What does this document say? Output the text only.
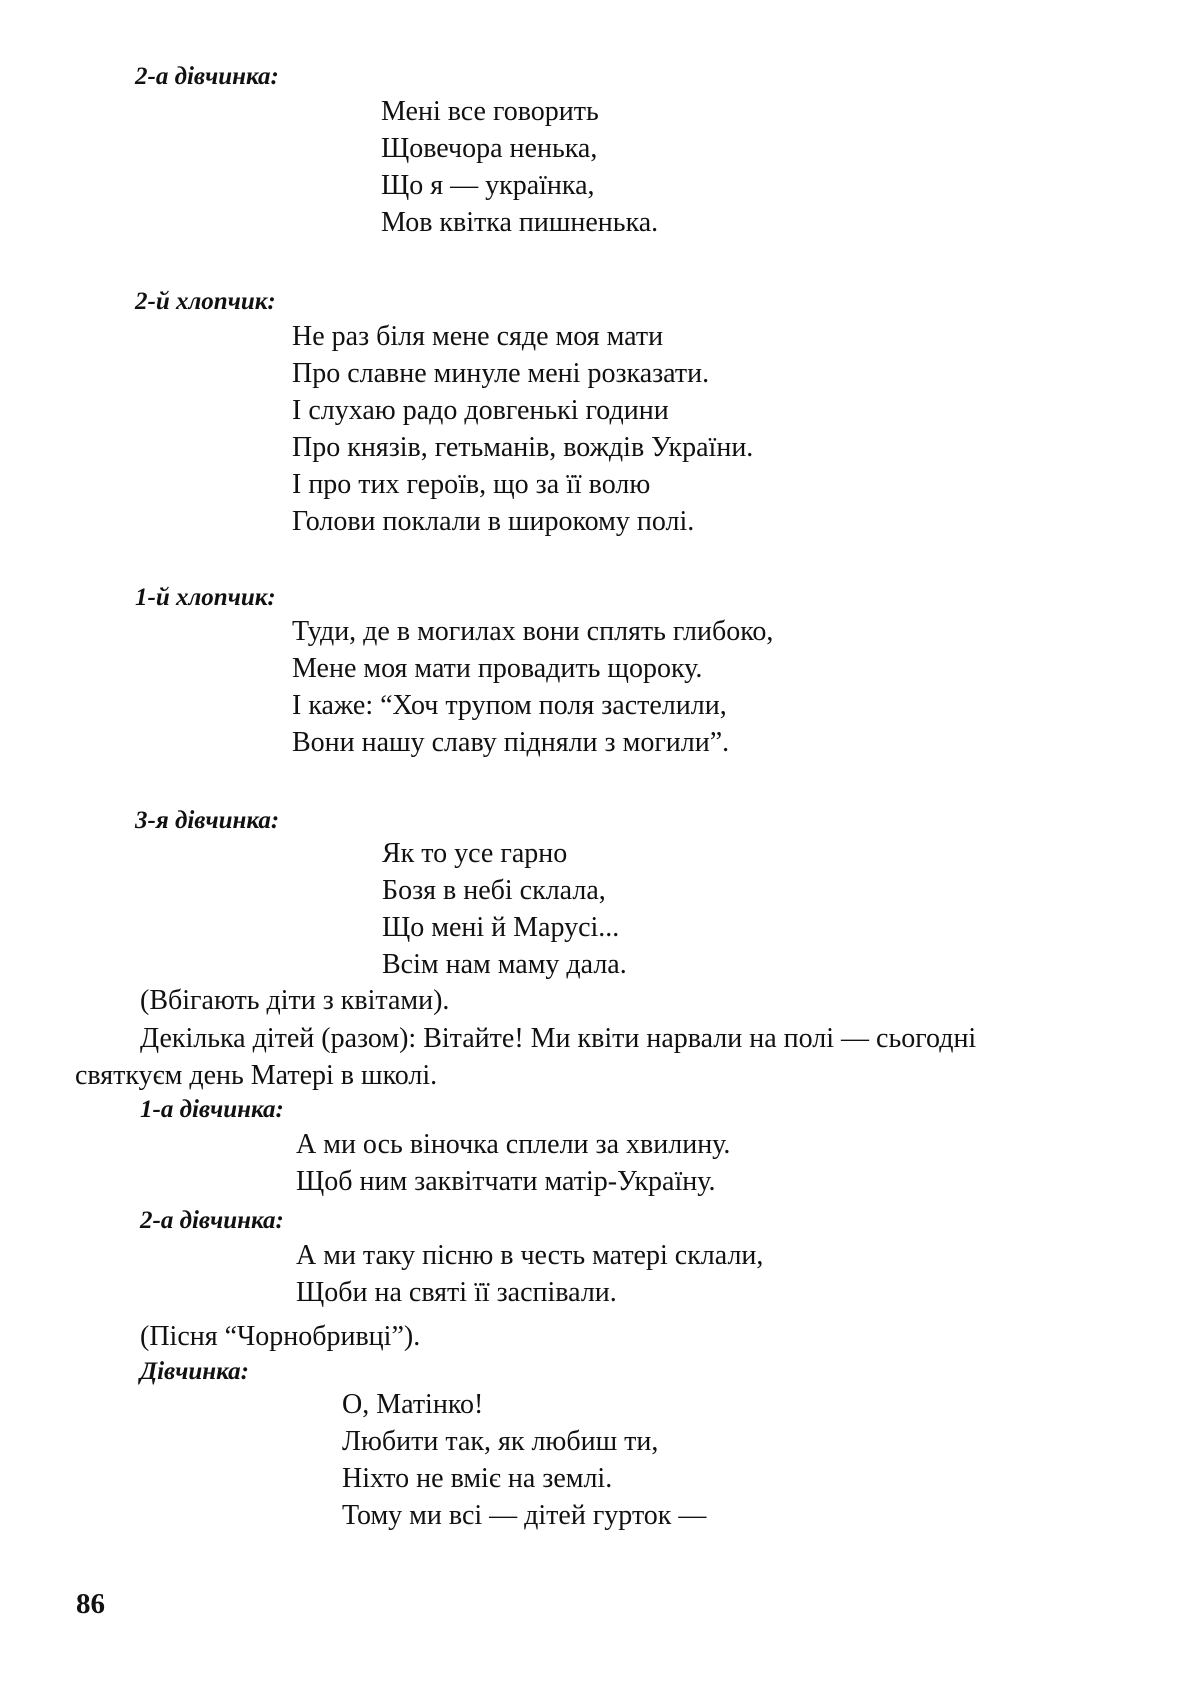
2-а дівчинка:
Мені все говорить
Щовечора ненька,
Що я — українка,
Мов квітка пишненька.
2-й хлопчик:
Не раз біля мене сяде моя мати
Про славне минуле мені розказати.
І слухаю радо довгенькі години
Про князів, гетьманів, вождів України.
І про тих героїв, що за її волю
Голови поклали в широкому полі.
1-й хлопчик:
Туди, де в могилах вони сплять глибоко,
Мене моя мати провадить щороку.
І каже: “Хоч трупом поля застелили,
Вони нашу славу підняли з могили”.
3-я дівчинка:
Як то усе гарно
Бозя в небі склала,
Що мені й Марусі...
Всім нам маму дала.
(Вбігають діти з квітами).
Декілька дітей (разом): Вітайте! Ми квіти нарвали на полі — сьогодні
святкуєм день Матері в школі.
1-а дівчинка:
А ми ось віночка сплели за хвилину.
Щоб ним заквітчати матір-Україну.
2-а дівчинка:
А ми таку пісню в честь матері склали,
Щоби на святі її заспівали.
(Пісня “Чорнобривці”).
Дівчинка:
О, Матінко!
Любити так, як любиш ти,
Ніхто не вміє на землі.
Тому ми всі — дітей гурток —
86
